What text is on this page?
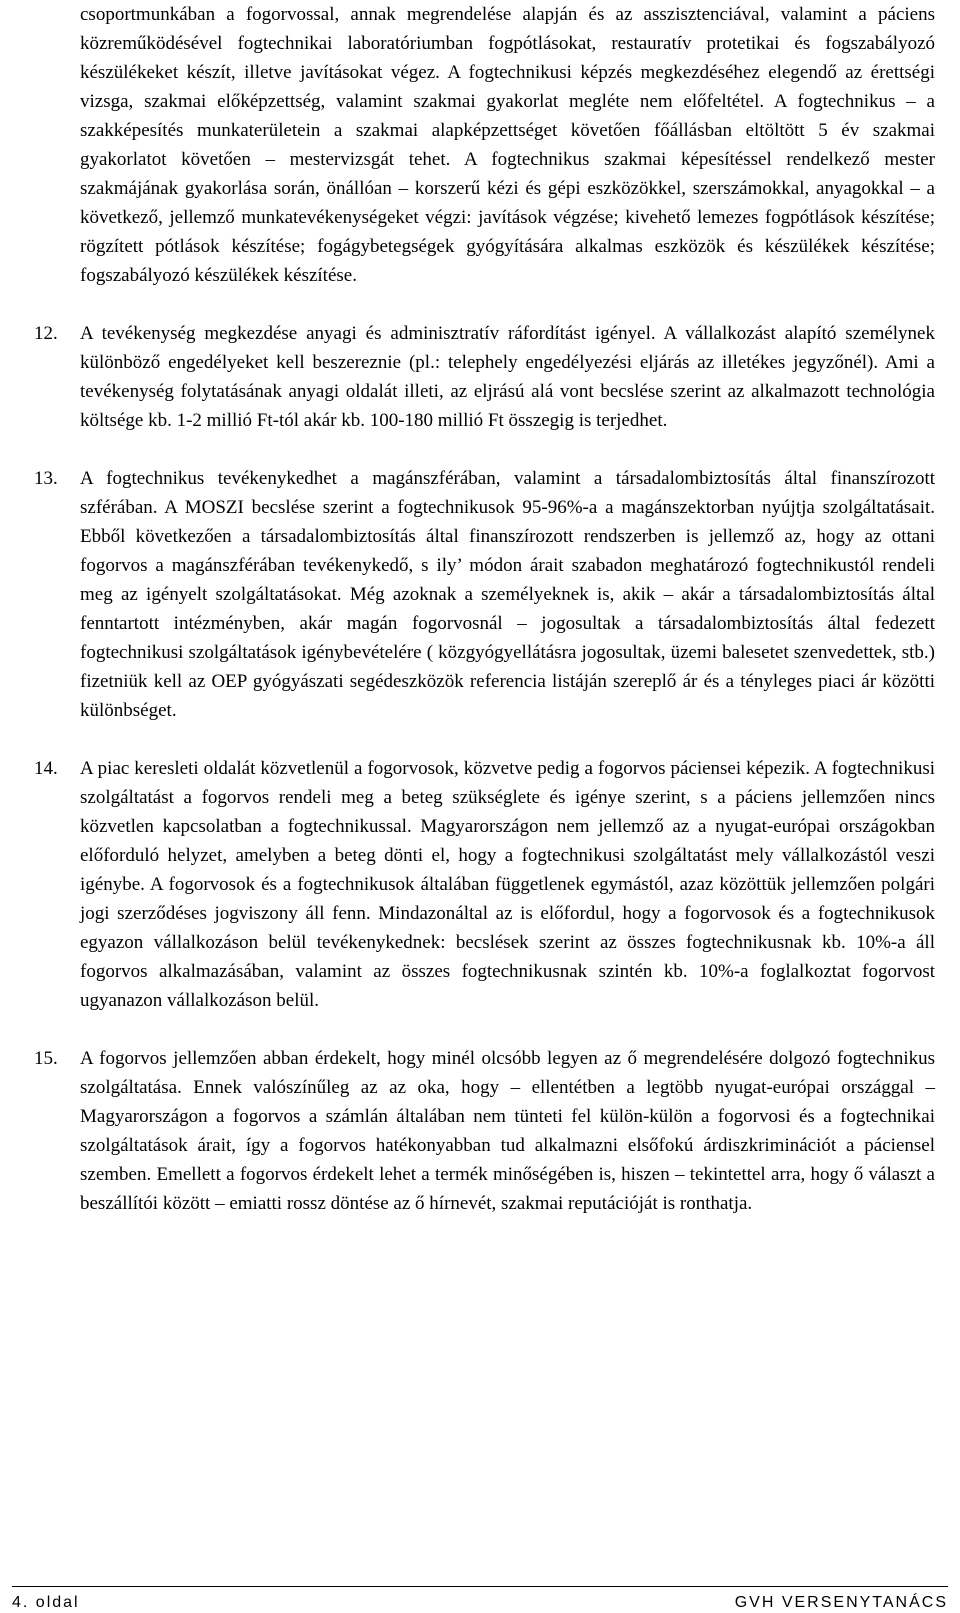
csoportmunkában a fogorvossal, annak megrendelése alapján és az asszisztenciával, valamint a páciens közreműködésével fogtechnikai laboratóriumban fogpótlásokat, restauratív protetikai és fogszabályozó készülékeket készít, illetve javításokat végez. A fogtechnikusi képzés megkezdéséhez elegendő az érettségi vizsga, szakmai előképzettség, valamint szakmai gyakorlat megléte nem előfeltétel. A fogtechnikus – a szakképesítés munkaterületein a szakmai alapképzettséget követően főállásban eltöltött 5 év szakmai gyakorlatot követően – mestervizsgát tehet. A fogtechnikus szakmai képesítéssel rendelkező mester szakmájának gyakorlása során, önállóan – korszerű kézi és gépi eszközökkel, szerszámokkal, anyagokkal – a következő, jellemző munkatevékenységeket végzi: javítások végzése; kivehető lemezes fogpótlások készítése; rögzített pótlások készítése; fogágybetegségek gyógyítására alkalmas eszközök és készülékek készítése; fogszabályozó készülékek készítése.

12. A tevékenység megkezdése anyagi és adminisztratív ráfordítást igényel. A vállalkozást alapító személynek különböző engedélyeket kell beszereznie (pl.: telephely engedélyezési eljárás az illetékes jegyzőnél). Ami a tevékenység folytatásának anyagi oldalát illeti, az eljrású alá vont becslése szerint az alkalmazott technológia költsége kb. 1-2 millió Ft-tól akár kb. 100-180 millió Ft összegig is terjedhet.

13. A fogtechnikus tevékenykedhet a magánszférában, valamint a társadalombiztosítás által finanszírozott szférában. A MOSZI becslése szerint a fogtechnikusok 95-96%-a a magánszektorban nyújtja szolgáltatásait. Ebből következően a társadalombiztosítás által finanszírozott rendszerben is jellemző az, hogy az ottani fogorvos a magánszférában tevékenykedő, s ily’ módon árait szabadon meghatározó fogtechnikustól rendeli meg az igényelt szolgáltatásokat. Még azoknak a személyeknek is, akik – akár a társadalombiztosítás által fenntartott intézményben, akár magán fogorvosnál – jogosultak a társadalombiztosítás által fedezett fogtechnikusi szolgáltatások igénybevételére ( közgyógyellátásra jogosultak, üzemi balesetet szenvedettek, stb.) fizetniük kell az OEP gyógyászati segédeszközök referencia listáján szereplő ár és a tényleges piaci ár közötti különbséget.

14. A piac keresleti oldalát közvetlenül a fogorvosok, közvetve pedig a fogorvos páciensei képezik. A fogtechnikusi szolgáltatást a fogorvos rendeli meg a beteg szükséglete és igénye szerint, s a páciens jellemzően nincs közvetlen kapcsolatban a fogtechnikussal. Magyarországon nem jellemző az a nyugat-európai országokban előforduló helyzet, amelyben a beteg dönti el, hogy a fogtechnikusi szolgáltatást mely vállalkozástól veszi igénybe. A fogorvosok és a fogtechnikusok általában függetlenek egymástól, azaz közöttük jellemzően polgári jogi szerződéses jogviszony áll fenn. Mindazonáltal az is előfordul, hogy a fogorvosok és a fogtechnikusok egyazon vállalkozáson belül tevékenykednek: becslések szerint az összes fogtechnikusnak kb. 10%-a áll fogorvos alkalmazásában, valamint az összes fogtechnikusnak szintén kb. 10%-a foglalkoztat fogorvost ugyanazon vállalkozáson belül.

15. A fogorvos jellemzően abban érdekelt, hogy minél olcsóbb legyen az ő megrendelésére dolgozó fogtechnikus szolgáltatása. Ennek valószínűleg az az oka, hogy – ellentétben a legtöbb nyugat-európai országgal – Magyarországon a fogorvos a számlán általában nem tünteti fel külön-külön a fogorvosi és a fogtechnikai szolgáltatások árait, így a fogorvos hatékonyabban tud alkalmazni elsőfokú árdiszkriminációt a páciensel szemben. Emellett a fogorvos érdekelt lehet a termék minőségében is, hiszen – tekintettel arra, hogy ő választ a beszállítói között – emiatti rossz döntése az ő hírnevét, szakmai reputációját is ronthatja.

4. oldal	GVH VERSENYTANÁCS
